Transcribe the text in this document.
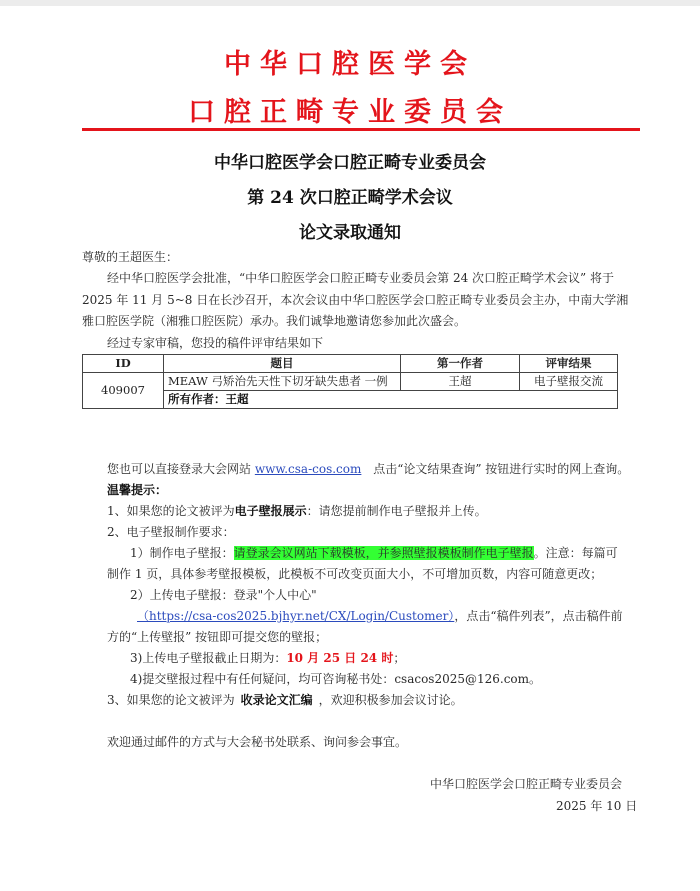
中华口腔医学会
口腔正畸专业委员会
中华口腔医学会口腔正畸专业委员会
第 24 次口腔正畸学术会议
论文录取通知
尊敬的王超医生：
经中华口腔医学会批准，“中华口腔医学会口腔正畸专业委员会第 24 次口腔正畸学术会议” 将于
2025 年 11 月 5~8 日在长沙召开，本次会议由中华口腔医学会口腔正畸专业委员会主办，中南大学湘
雅口腔医学院（湘雅口腔医院）承办。我们诚挚地邀请您参加此次盛会。
经过专家审稿，您投的稿件评审结果如下
ID	题目	第一作者	评审结果
409007	MEAW 弓矫治先天性下切牙缺失患者 一例	王超	电子壁报交流
	所有作者：王超		
您也可以直接登录大会网站 www.csa-cos.com 点击“论文结果查询” 按钮进行实时的网上查询。
温馨提示：
1、如果您的论文被评为电子壁报展示：请您提前制作电子壁报并上传。
2、电子壁报制作要求：
1）制作电子壁报：请登录会议网站下载模板，并参照壁报模板制作电子壁报。注意：每篇可
制作 1 页，具体参考壁报模板，此模板不可改变页面大小，不可增加页数，内容可随意更改；
2）上传电子壁报：登录"个人中心"
（https://csa-cos2025.bjhyr.net/CX/Login/Customer），点击“稿件列表”，点击稿件前
方的“上传壁报” 按钮即可提交您的壁报；
3)上传电子壁报截止日期为：10 月 25 日 24 时；
4)提交壁报过程中有任何疑问，均可咨询秘书处：csacos2025@126.com。
3、如果您的论文被评为 收录论文汇编 ，欢迎积极参加会议讨论。
欢迎通过邮件的方式与大会秘书处联系、询问参会事宜。
中华口腔医学会口腔正畸专业委员会
2025 年 10 日
